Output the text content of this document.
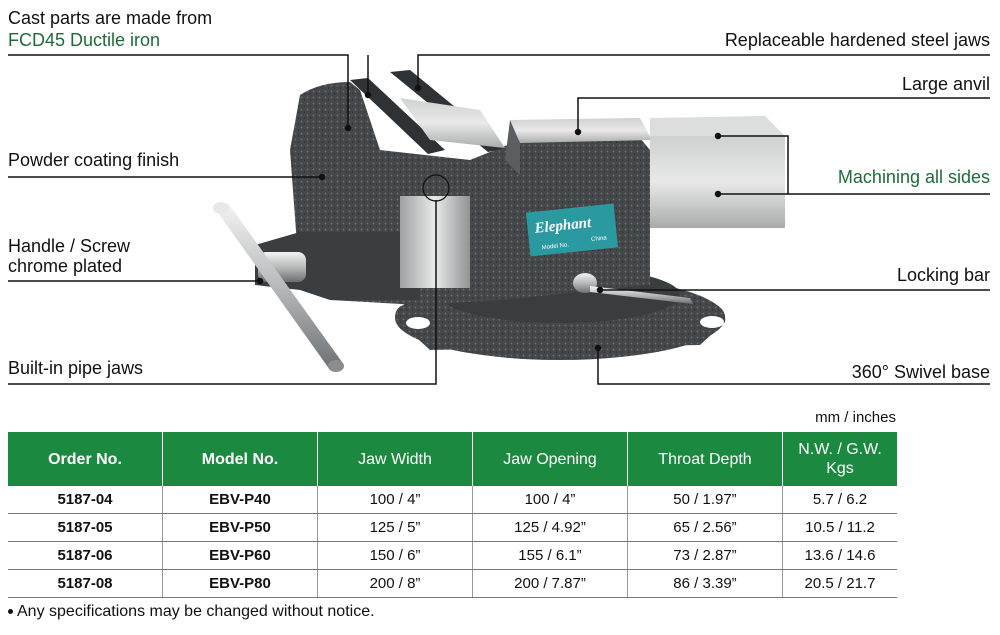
Elephant
Model No.
China
Cast parts are made from
FCD45 Ductile iron
Powder coating finish
Handle / Screw
chrome plated
Built-in pipe jaws
Replaceable hardened steel jaws
Large anvil
Machining all sides
Locking bar
360° Swivel base
mm / inches
Order No.	Model No.	Jaw Width	Jaw Opening	Throat Depth	N.W. / G.W.
Kgs
5187-04	EBV-P40	100 / 4”	100 / 4”	50 / 1.97”	5.7 / 6.2
5187-05	EBV-P50	125 / 5”	125 / 4.92”	65 / 2.56”	10.5 / 11.2
5187-06	EBV-P60	150 / 6”	155 / 6.1”	73 / 2.87”	13.6 / 14.6
5187-08	EBV-P80	200 / 8”	200 / 7.87”	86 / 3.39”	20.5 / 21.7
Any specifications may be changed without notice.
